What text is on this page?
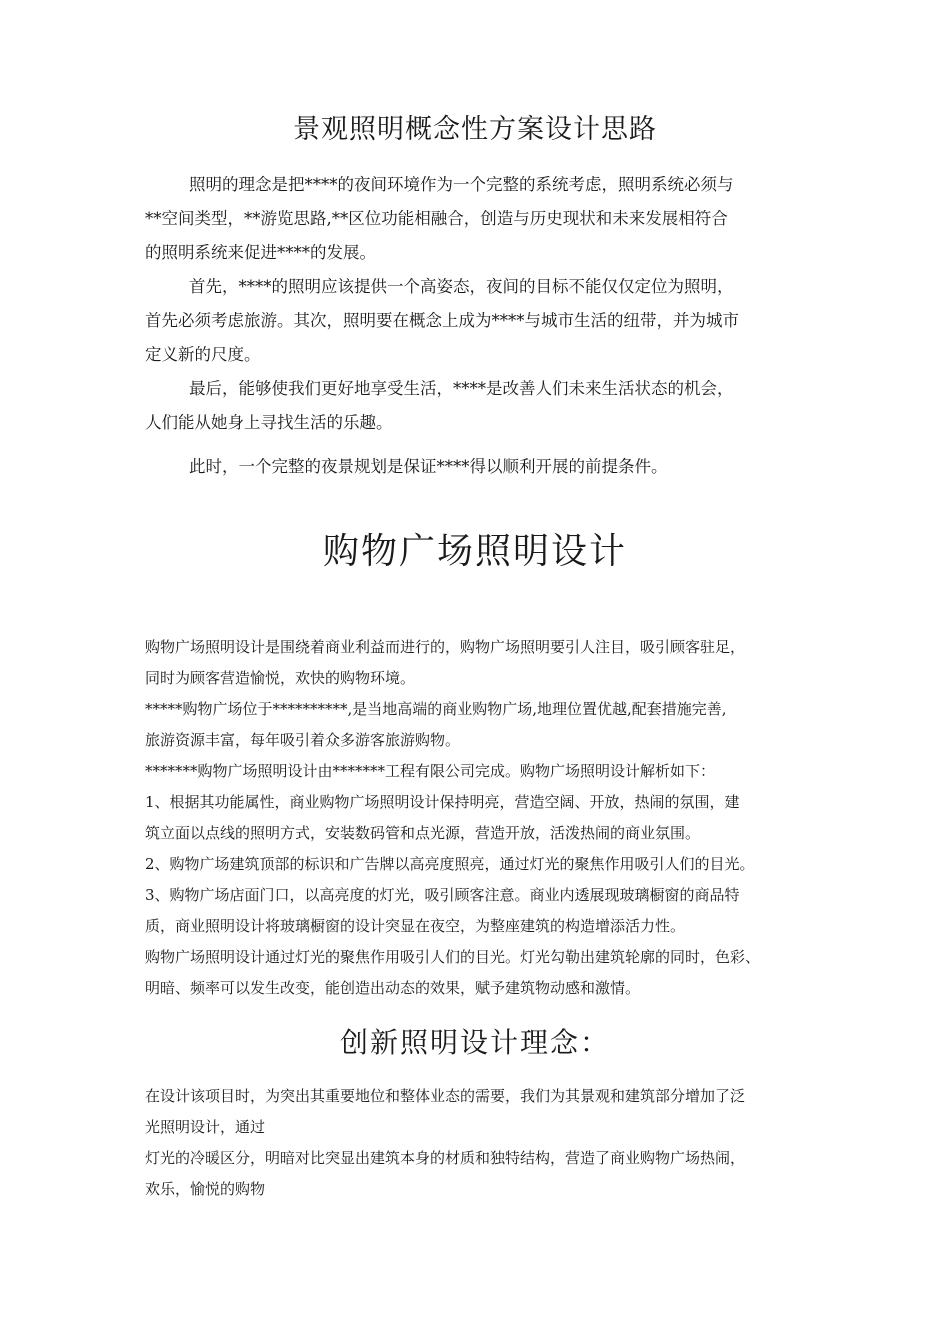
景观照明概念性方案设计思路
照明的理念是把****的夜间环境作为一个完整的系统考虑，照明系统必须与
**空间类型，**游览思路,**区位功能相融合，创造与历史现状和未来发展相符合
的照明系统来促进****的发展。
首先，****的照明应该提供一个高姿态，夜间的目标不能仅仅定位为照明，
首先必须考虑旅游。其次，照明要在概念上成为****与城市生活的纽带，并为城市
定义新的尺度。
最后，能够使我们更好地享受生活，****是改善人们未来生活状态的机会，
人们能从她身上寻找生活的乐趣。
此时，一个完整的夜景规划是保证****得以顺利开展的前提条件。
购物广场照明设计
购物广场照明设计是围绕着商业利益而进行的，购物广场照明要引人注目，吸引顾客驻足，
同时为顾客营造愉悦，欢快的购物环境。
*****购物广场位于**********,是当地高端的商业购物广场,地理位置优越,配套措施完善,
旅游资源丰富，每年吸引着众多游客旅游购物。
*******购物广场照明设计由*******工程有限公司完成。购物广场照明设计解析如下：
1、根据其功能属性，商业购物广场照明设计保持明亮，营造空阔、开放，热闹的氛围，建
筑立面以点线的照明方式，安装数码管和点光源，营造开放，活泼热闹的商业氛围。
2、购物广场建筑顶部的标识和广告牌以高亮度照亮，通过灯光的聚焦作用吸引人们的目光。
3、购物广场店面门口，以高亮度的灯光，吸引顾客注意。商业内透展现玻璃橱窗的商品特
质，商业照明设计将玻璃橱窗的设计突显在夜空，为整座建筑的构造增添活力性。
购物广场照明设计通过灯光的聚焦作用吸引人们的目光。灯光勾勒出建筑轮廓的同时，色彩、
明暗、频率可以发生改变，能创造出动态的效果，赋予建筑物动感和激情。
创新照明设计理念：
在设计该项目时，为突出其重要地位和整体业态的需要，我们为其景观和建筑部分增加了泛
光照明设计，通过
灯光的冷暖区分，明暗对比突显出建筑本身的材质和独特结构，营造了商业购物广场热闹，
欢乐，愉悦的购物
